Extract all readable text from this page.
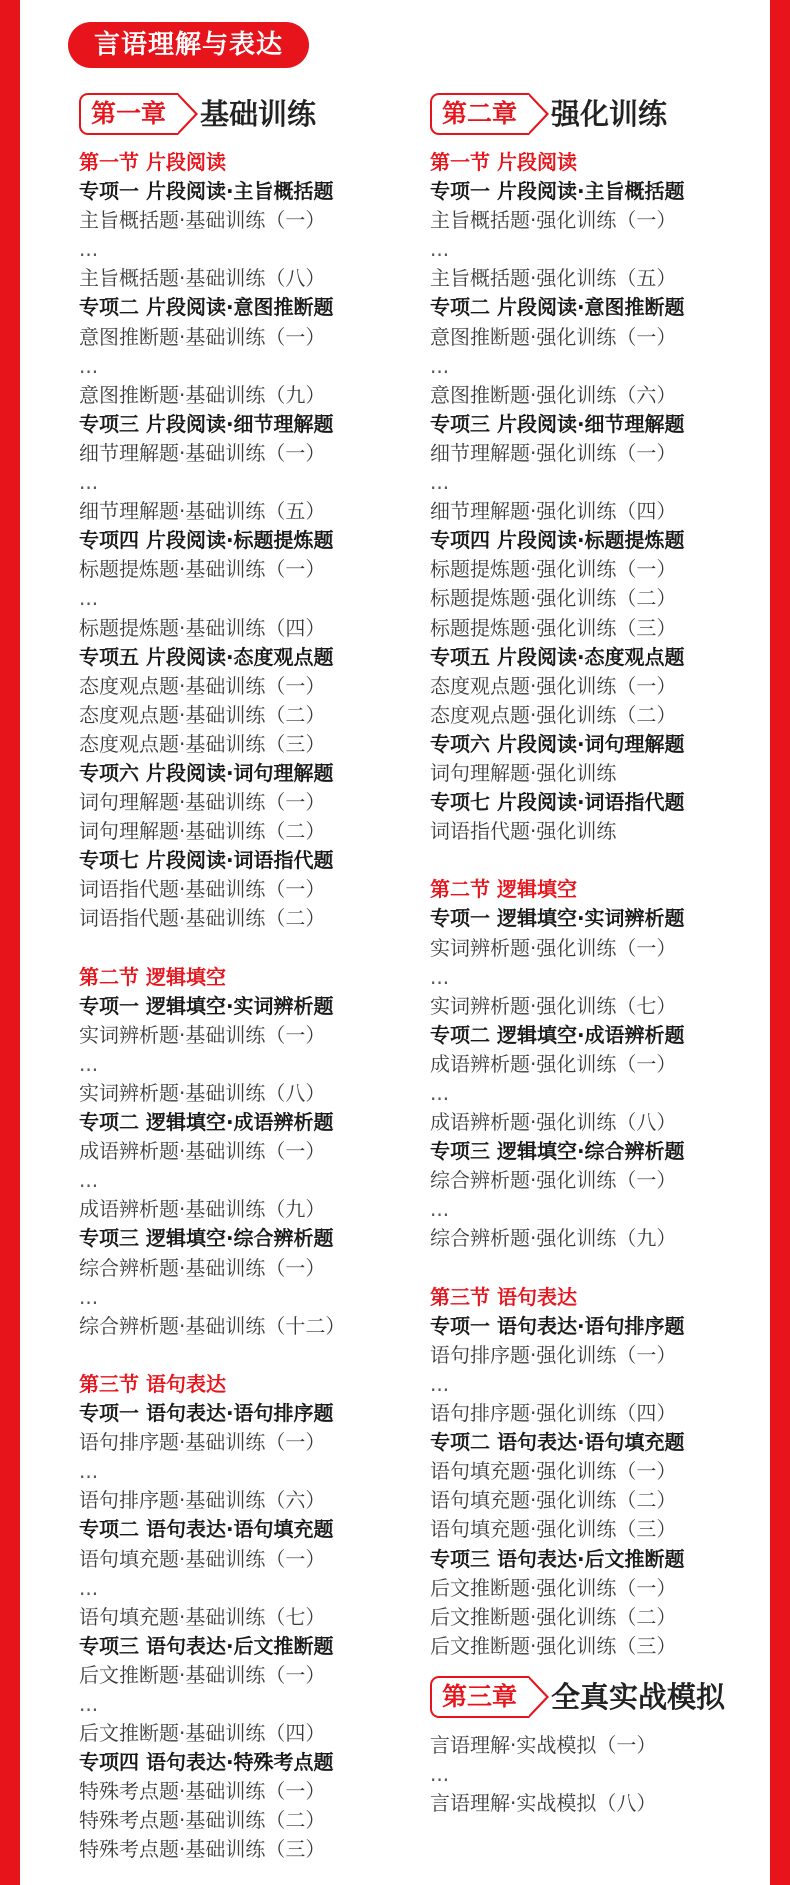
言语理解与表达
第一章	基础训练
第一节 片段阅读
专项一 片段阅读·主旨概括题
主旨概括题·基础训练（一）
...
主旨概括题·基础训练（八）
专项二 片段阅读·意图推断题
意图推断题·基础训练（一）
...
意图推断题·基础训练（九）
专项三 片段阅读·细节理解题
细节理解题·基础训练（一）
...
细节理解题·基础训练（五）
专项四 片段阅读·标题提炼题
标题提炼题·基础训练（一）
...
标题提炼题·基础训练（四）
专项五 片段阅读·态度观点题
态度观点题·基础训练（一）
态度观点题·基础训练（二）
态度观点题·基础训练（三）
专项六 片段阅读·词句理解题
词句理解题·基础训练（一）
词句理解题·基础训练（二）
专项七 片段阅读·词语指代题
词语指代题·基础训练（一）
词语指代题·基础训练（二）
第二节 逻辑填空
专项一 逻辑填空·实词辨析题
实词辨析题·基础训练（一）
...
实词辨析题·基础训练（八）
专项二 逻辑填空·成语辨析题
成语辨析题·基础训练（一）
...
成语辨析题·基础训练（九）
专项三 逻辑填空·综合辨析题
综合辨析题·基础训练（一）
...
综合辨析题·基础训练（十二）
第三节 语句表达
专项一 语句表达·语句排序题
语句排序题·基础训练（一）
...
语句排序题·基础训练（六）
专项二 语句表达·语句填充题
语句填充题·基础训练（一）
...
语句填充题·基础训练（七）
专项三 语句表达·后文推断题
后文推断题·基础训练（一）
...
后文推断题·基础训练（四）
专项四 语句表达·特殊考点题
特殊考点题·基础训练（一）
特殊考点题·基础训练（二）
特殊考点题·基础训练（三）
第二章	强化训练
第一节 片段阅读
专项一 片段阅读·主旨概括题
主旨概括题·强化训练（一）
...
主旨概括题·强化训练（五）
专项二 片段阅读·意图推断题
意图推断题·强化训练（一）
...
意图推断题·强化训练（六）
专项三 片段阅读·细节理解题
细节理解题·强化训练（一）
...
细节理解题·强化训练（四）
专项四 片段阅读·标题提炼题
标题提炼题·强化训练（一）
标题提炼题·强化训练（二）
标题提炼题·强化训练（三）
专项五 片段阅读·态度观点题
态度观点题·强化训练（一）
态度观点题·强化训练（二）
专项六 片段阅读·词句理解题
词句理解题·强化训练
专项七 片段阅读·词语指代题
词语指代题·强化训练
第二节 逻辑填空
专项一 逻辑填空·实词辨析题
实词辨析题·强化训练（一）
...
实词辨析题·强化训练（七）
专项二 逻辑填空·成语辨析题
成语辨析题·强化训练（一）
...
成语辨析题·强化训练（八）
专项三 逻辑填空·综合辨析题
综合辨析题·强化训练（一）
...
综合辨析题·强化训练（九）
第三节 语句表达
专项一 语句表达·语句排序题
语句排序题·强化训练（一）
...
语句排序题·强化训练（四）
专项二 语句表达·语句填充题
语句填充题·强化训练（一）
语句填充题·强化训练（二）
语句填充题·强化训练（三）
专项三 语句表达·后文推断题
后文推断题·强化训练（一）
后文推断题·强化训练（二）
后文推断题·强化训练（三）
第三章	全真实战模拟
言语理解·实战模拟（一）
...
言语理解·实战模拟（八）
